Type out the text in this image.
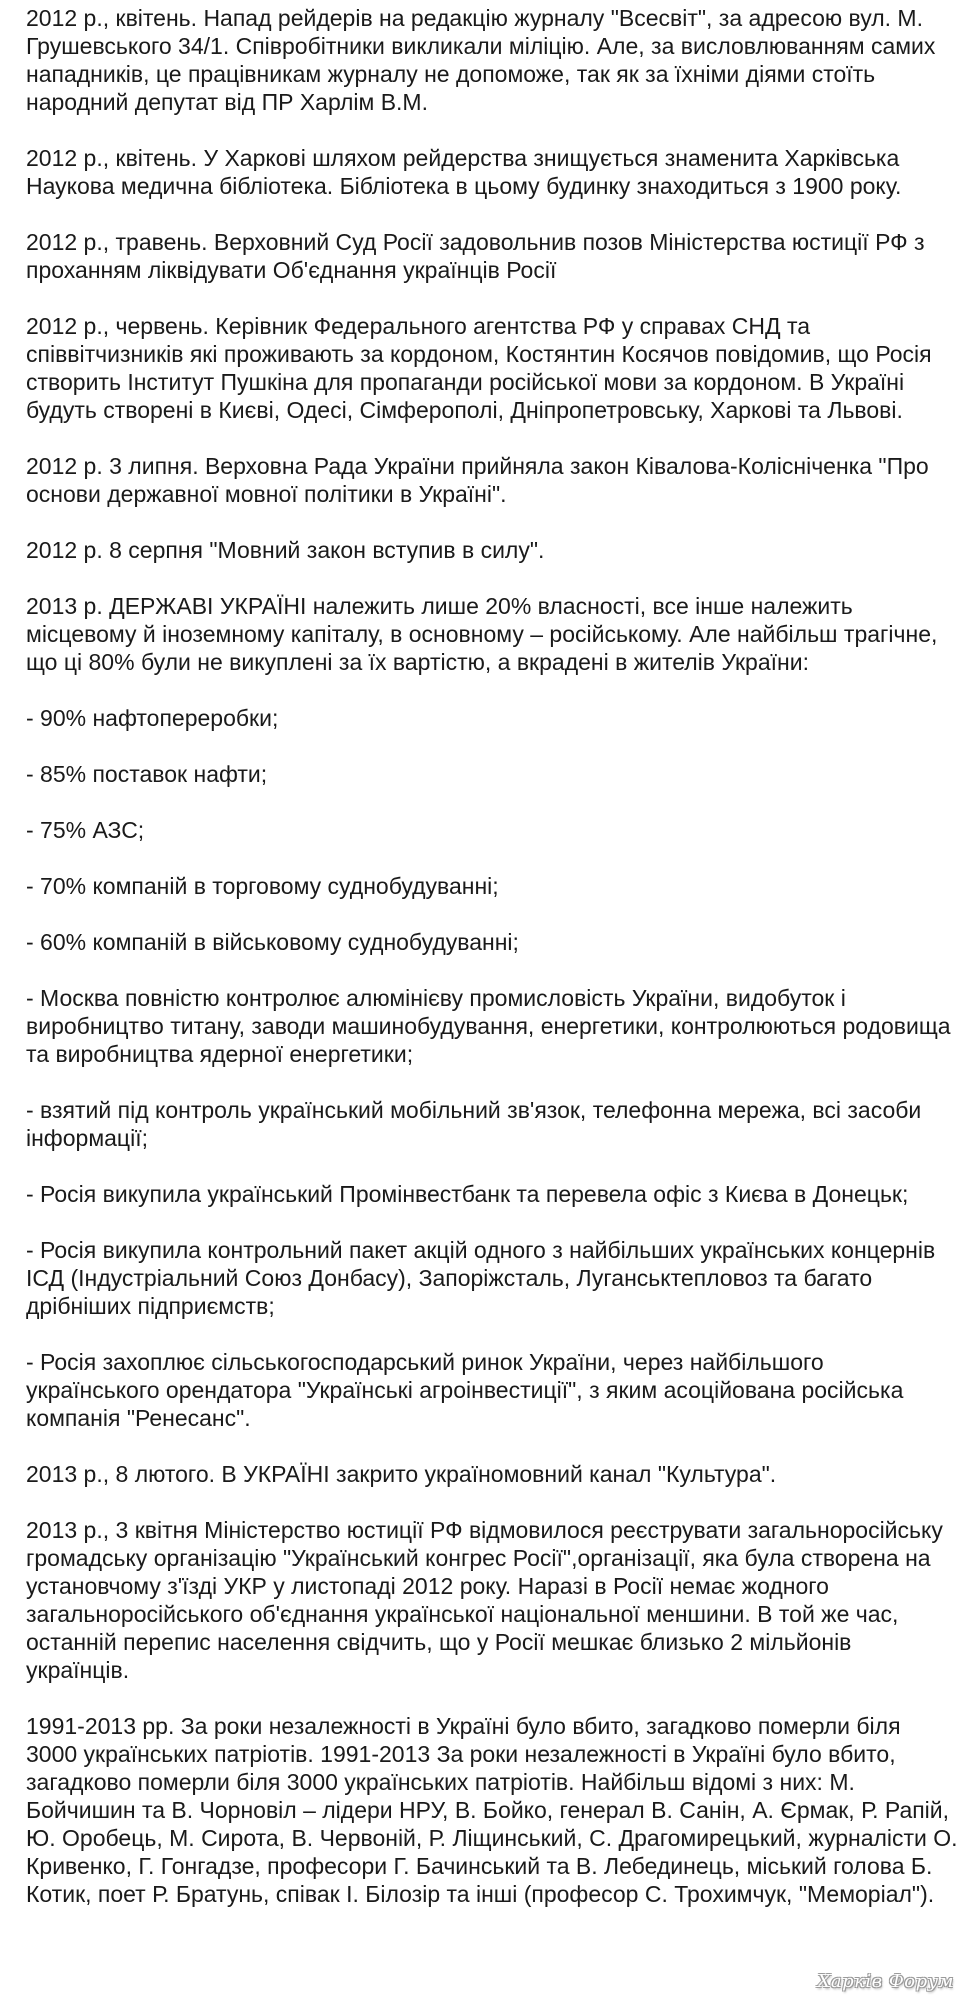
2012 р., квітень. Напад рейдерів на редакцію журналу "Всесвіт", за адресою вул. М. Грушевського 34/1. Співробітники викликали міліцію. Але, за висловлюванням самих нападників, це працівникам журналу не допоможе, так як за їхніми діями стоїть народний депутат від ПР Харлім В.М.

2012 р., квітень. У Харкові шляхом рейдерства знищується знаменита Харківська Наукова медична бібліотека. Бібліотека в цьому будинку знаходиться з 1900 року.

2012 р., травень. Верховний Суд Росії задовольнив позов Міністерства юстиції РФ з проханням ліквідувати Об'єднання українців Росії

2012 р., червень. Керівник Федерального агентства РФ у справах СНД та співвітчизників які проживають за кордоном, Костянтин Косячов повідомив, що Росія створить Інститут Пушкіна для пропаганди російської мови за кордоном. В Україні будуть створені в Києві, Одесі, Сімферополі, Дніпропетровську, Харкові та Львові.

2012 р. 3 липня. Верховна Рада України прийняла закон Ківалова-Колісніченка "Про основи державної мовної політики в Україні".

2012 р. 8 серпня "Мовний закон вступив в силу".

2013 р. ДЕРЖАВІ УКРАЇНІ належить лише 20% власності, все інше належить місцевому й іноземному капіталу, в основному – російському. Але найбільш трагічне, що ці 80% були не викуплені за їх вартістю, а вкрадені в жителів України:

- 90% нафтопереробки;

- 85% поставок нафти;

- 75% АЗС;

- 70% компаній в торговому суднобудуванні;

- 60% компаній в військовому суднобудуванні;

- Москва повністю контролює алюмінієву промисловість України, видобуток і виробництво титану, заводи машинобудування, енергетики, контролюються родовища та виробництва ядерної енергетики;

- взятий під контроль український мобільний зв'язок, телефонна мережа, всі засоби інформації;

- Росія викупила український Промінвестбанк та перевела офіс з Києва в Донецьк;

- Росія викупила контрольний пакет акцій одного з найбільших українських концернів ІСД (Індустріальний Союз Донбасу), Запоріжсталь, Луганськтепловоз та багато дрібніших підприємств;

- Росія захоплює сільськогосподарський ринок України, через найбільшого українського орендатора "Українські агроінвестиції", з яким асоційована російська компанія "Ренесанс".

2013 р., 8 лютого. В УКРАЇНІ закрито україномовний канал "Культура".

2013 р., 3 квітня Міністерство юстиції РФ відмовилося реєструвати загальноросійську громадську організацію "Український конгрес Росії",організації, яка була створена на установчому з'їзді УКР у листопаді 2012 року. Наразі в Росії немає жодного загальноросійського об'єднання української національної меншини. В той же час, останній перепис населення свідчить, що у Росії мешкає близько 2 мільйонів українців.

1991-2013 рр. За роки незалежності в Україні було вбито, загадково померли біля 3000 українських патріотів. 1991-2013 За роки незалежності в Україні було вбито, загадково померли біля 3000 українських патріотів. Найбільш відомі з них: М. Бойчишин та В. Чорновіл – лідери НРУ, В. Бойко, генерал В. Санін, А. Єрмак, Р. Рапій, Ю. Оробець, М. Сирота, В. Червоній, Р. Ліщинський, С. Драгомирецький, журналісти О. Кривенко, Г. Гонгадзе, професори Г. Бачинський та В. Лебединець, міський голова Б. Котик, поет Р. Братунь, співак І. Білозір та інші (професор С. Трохимчук, "Меморіал").

Харків Форум
